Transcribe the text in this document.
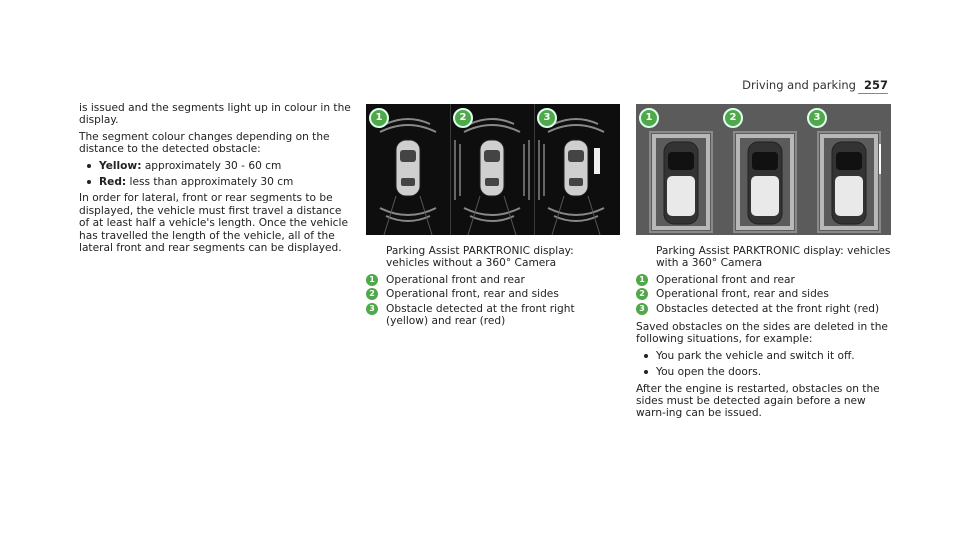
Driving and parking 257

is issued and the segments light up in colour in the display.

The segment colour changes depending on the distance to the detected obstacle:

Yellow: approximately 30 - 60 cm
Red: less than approximately 30 cm

In order for lateral, front or rear segments to be displayed, the vehicle must first travel a distance of at least half a vehicle's length. Once the vehicle has travelled the length of the vehicle, all of the lateral front and rear segments can be displayed.

1	2	3	1	2	3

Parking Assist PARKTRONIC display: vehicles without a 360° Camera

1	Operational front and rear
2	Operational front, rear and sides
3	Obstacle detected at the front right (yellow) and rear (red)

Parking Assist PARKTRONIC display: vehicles with a 360° Camera

1	Operational front and rear
2	Operational front, rear and sides
3	Obstacles detected at the front right (red)

Saved obstacles on the sides are deleted in the following situations, for example:

You park the vehicle and switch it off.
You open the doors.

After the engine is restarted, obstacles on the sides must be detected again before a new warn-ing can be issued.
